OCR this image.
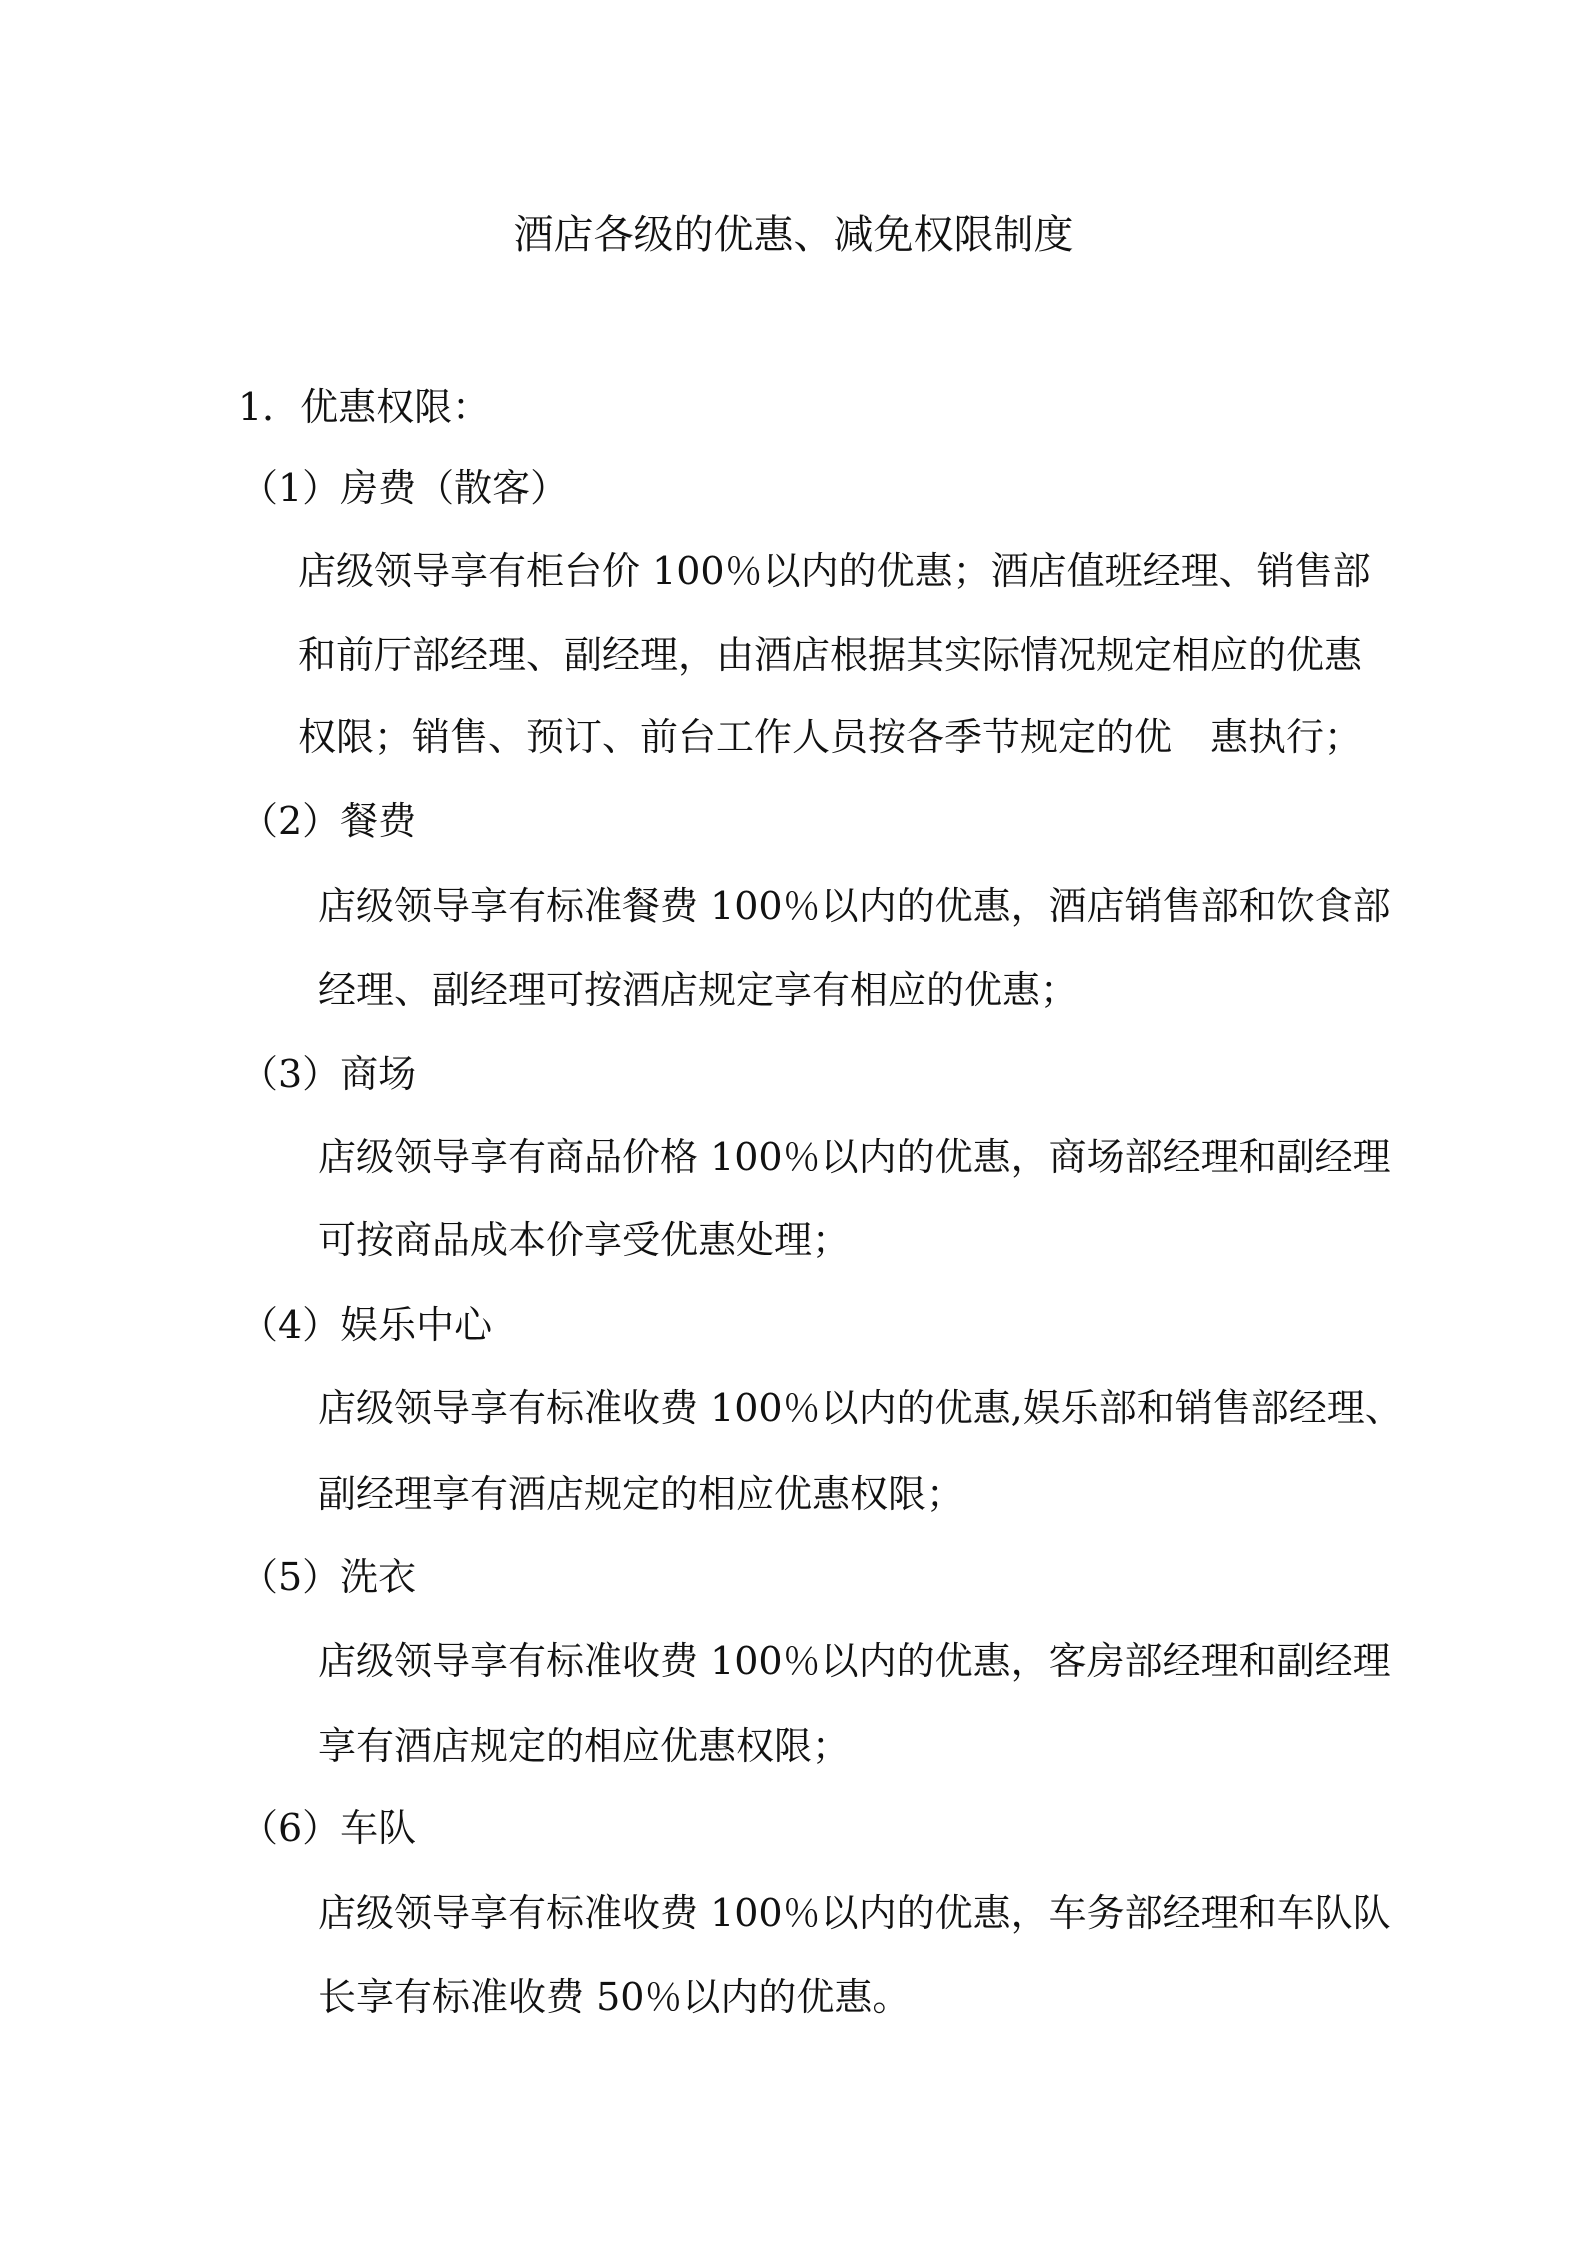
酒店各级的优惠、减免权限制度
1．优惠权限：
（1）房费（散客）
店级领导享有柜台价 100％以内的优惠；酒店值班经理、销售部
和前厅部经理、副经理，由酒店根据其实际情况规定相应的优惠
权限；销售、预订、前台工作人员按各季节规定的优　惠执行；
（2）餐费
店级领导享有标准餐费 100％以内的优惠，酒店销售部和饮食部
经理、副经理可按酒店规定享有相应的优惠；
（3）商场
店级领导享有商品价格 100％以内的优惠，商场部经理和副经理
可按商品成本价享受优惠处理；
（4）娱乐中心
店级领导享有标准收费 100％以内的优惠,娱乐部和销售部经理、
副经理享有酒店规定的相应优惠权限；
（5）洗衣
店级领导享有标准收费 100％以内的优惠，客房部经理和副经理
享有酒店规定的相应优惠权限；
（6）车队
店级领导享有标准收费 100％以内的优惠，车务部经理和车队队
长享有标准收费 50％以内的优惠。
